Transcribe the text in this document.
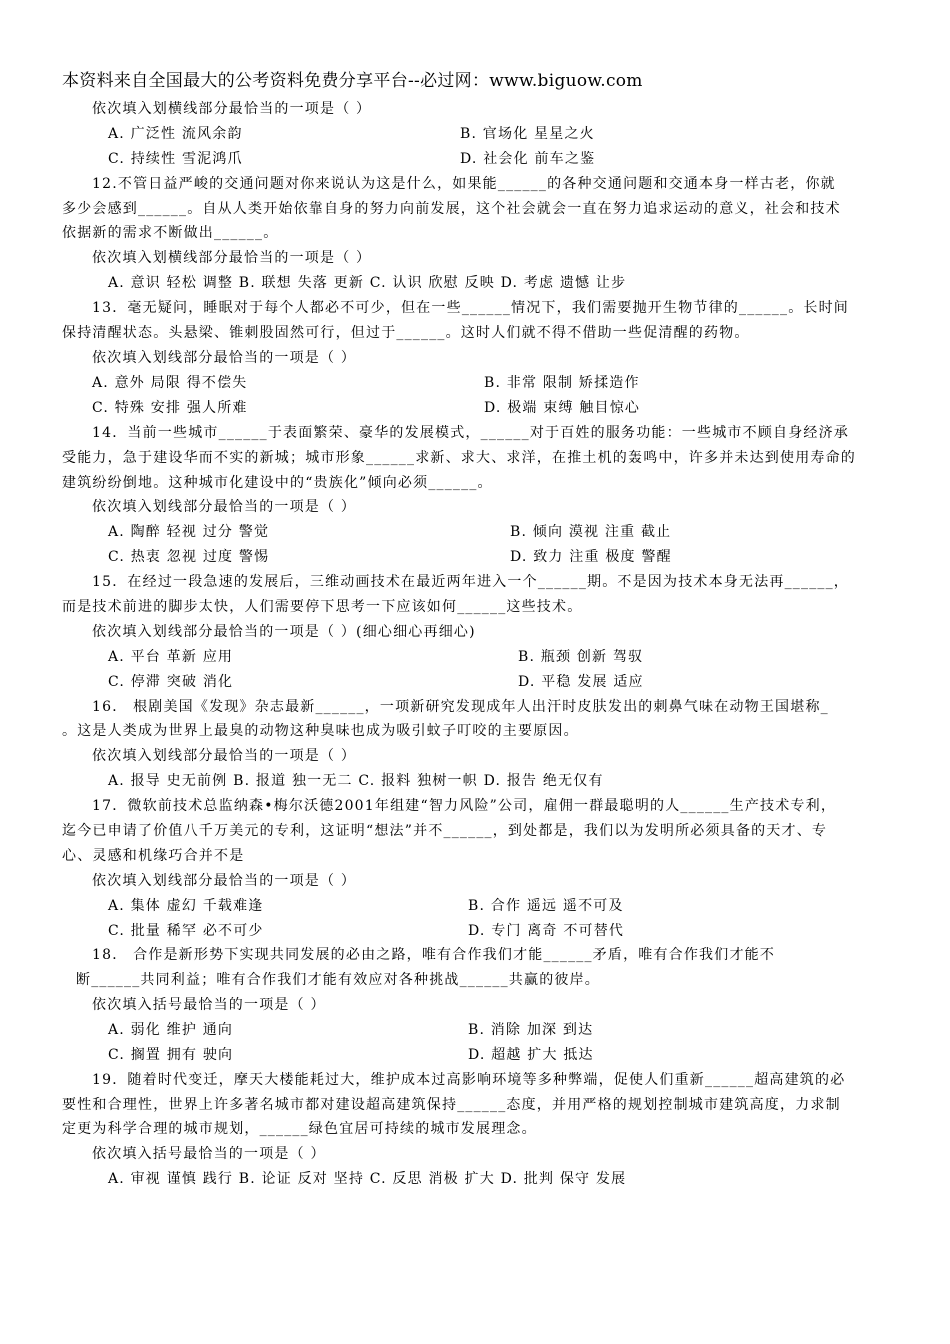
本资料来自全国最大的公考资料免费分享平台--必过网：www.biguow.com
依次填入划横线部分最恰当的一项是（ ）
A. 广泛性 流风余韵	B. 官场化 星星之火
C. 持续性 雪泥鸿爪	D. 社会化 前车之鉴
12.不管日益严峻的交通问题对你来说认为这是什么，如果能______的各种交通问题和交通本身一样古老，你就
多少会感到______。自从人类开始依靠自身的努力向前发展，这个社会就会一直在努力追求运动的意义，社会和技术
依据新的需求不断做出______。
依次填入划横线部分最恰当的一项是（ ）
A. 意识 轻松 调整 B. 联想 失落 更新 C. 认识 欣慰 反映 D. 考虑 遗憾 让步
13．毫无疑问，睡眠对于每个人都必不可少，但在一些______情况下，我们需要抛开生物节律的______。长时间
保持清醒状态。头悬梁、锥刺股固然可行，但过于______。这时人们就不得不借助一些促清醒的药物。
依次填入划线部分最恰当的一项是（ ）
A. 意外 局限 得不偿失	B. 非常 限制 矫揉造作
C. 特殊 安排 强人所难	D. 极端 束缚 触目惊心
14．当前一些城市______于表面繁荣、豪华的发展模式，______对于百姓的服务功能：一些城市不顾自身经济承
受能力，急于建设华而不实的新城；城市形象______求新、求大、求洋，在推土机的轰鸣中，许多并未达到使用寿命的
建筑纷纷倒地。这种城市化建设中的“贵族化”倾向必须______。
依次填入划线部分最恰当的一项是（ ）
A. 陶醉 轻视 过分 警觉	B. 倾向 漠视 注重 截止
C. 热衷 忽视 过度 警惕	D. 致力 注重 极度 警醒
15．在经过一段急速的发展后，三维动画技术在最近两年进入一个______期。不是因为技术本身无法再______，
而是技术前进的脚步太快，人们需要停下思考一下应该如何______这些技术。
依次填入划线部分最恰当的一项是（ ）(细心细心再细心)
A. 平台 革新 应用	B. 瓶颈 创新 驾驭
C. 停滞 突破 消化	D. 平稳 发展 适应
16． 根剧美国《发现》杂志最新______，一项新研究发现成年人出汗时皮肤发出的刺鼻气味在动物王国堪称_
。这是人类成为世界上最臭的动物这种臭味也成为吸引蚊子叮咬的主要原因。
依次填入划线部分最恰当的一项是（ ）
A. 报导 史无前例 B. 报道 独一无二 C. 报料 独树一帜 D. 报告 绝无仅有
17．微软前技术总监纳森•梅尔沃德2001年组建“智力风险”公司，雇佣一群最聪明的人______生产技术专利，
迄今已申请了价值八千万美元的专利，这证明“想法”并不______，到处都是，我们以为发明所必须具备的天才、专
心、灵感和机缘巧合并不是
依次填入划线部分最恰当的一项是（ ）
A. 集体 虚幻 千载难逢	B. 合作 遥远 遥不可及
C. 批量 稀罕 必不可少	D. 专门 离奇 不可替代
18． 合作是新形势下实现共同发展的必由之路，唯有合作我们才能______矛盾，唯有合作我们才能不
断______共同利益；唯有合作我们才能有效应对各种挑战______共赢的彼岸。
依次填入括号最恰当的一项是（ ）
A. 弱化 维护 通向	B. 消除 加深 到达
C. 搁置 拥有 驶向	D. 超越 扩大 抵达
19．随着时代变迁，摩天大楼能耗过大，维护成本过高影响环境等多种弊端，促使人们重新______超高建筑的必
要性和合理性，世界上许多著名城市都对建设超高建筑保持______态度，并用严格的规划控制城市建筑高度，力求制
定更为科学合理的城市规划，______绿色宜居可持续的城市发展理念。
依次填入括号最恰当的一项是（ ）
A. 审视 谨慎 践行 B. 论证 反对 坚持 C. 反思 消极 扩大 D. 批判 保守 发展
